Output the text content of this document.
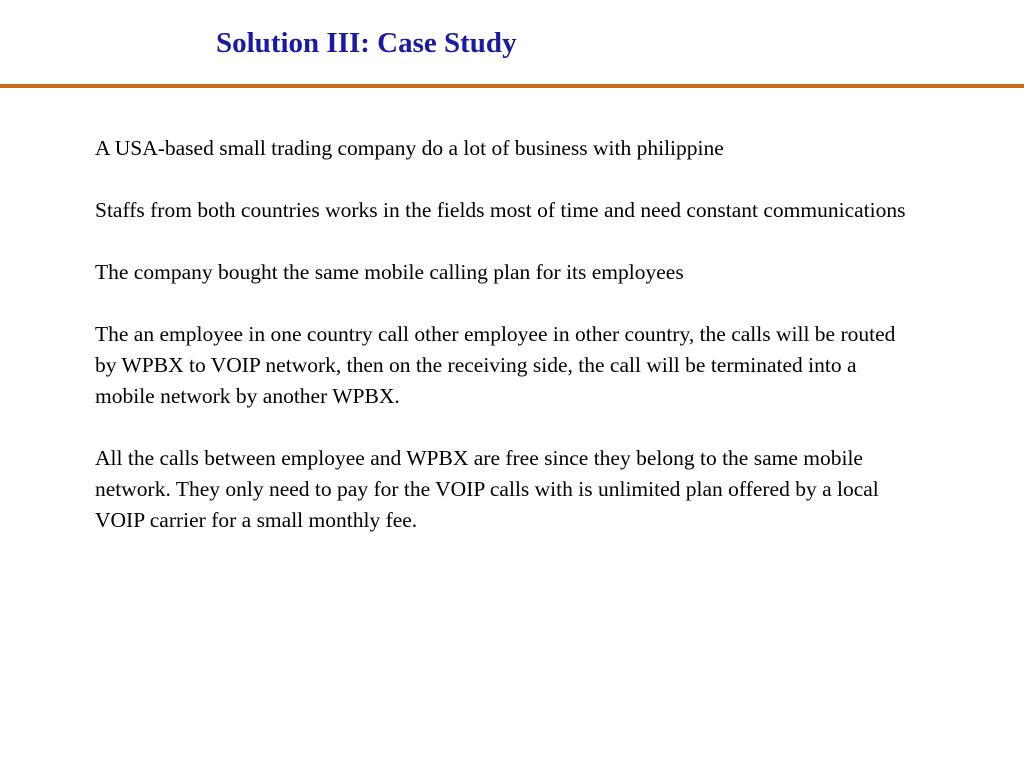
Solution III: Case Study

A USA-based small trading company do a lot of business with philippine

Staffs from both countries works in the fields most of time and need constant communications

The company bought the same mobile calling plan for its employees

The an employee in one country call other employee in other country, the calls will be routed by WPBX to VOIP network, then on the receiving side, the call will be terminated into a mobile network by another WPBX.

All the calls between employee and WPBX are free since they belong to the same mobile network. They only need to pay for the VOIP calls with is unlimited plan offered by a local VOIP carrier for a small monthly fee.
